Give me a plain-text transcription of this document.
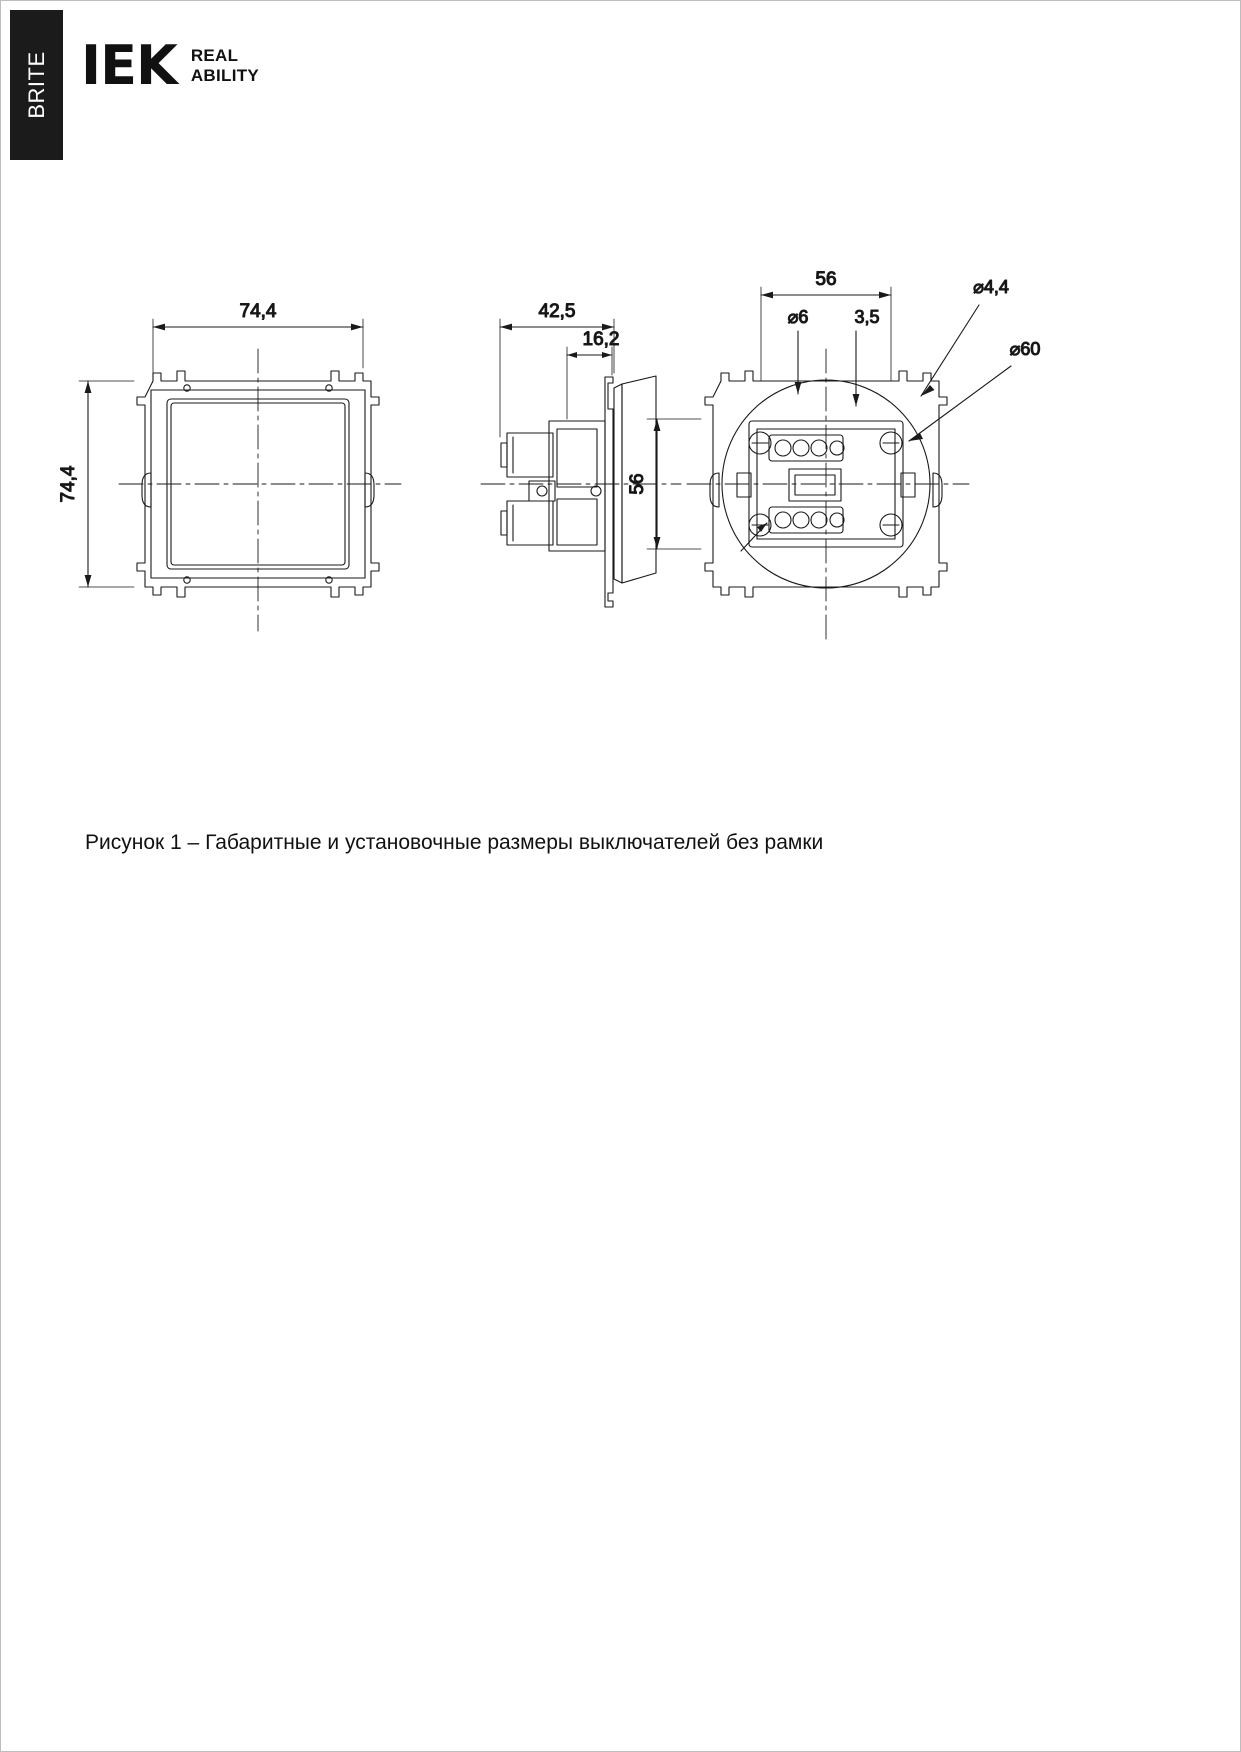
BRITE IEK REAL
ABILITY
74,4
74,4
42,5
16,2
56
56
⌀6	3,5
⌀4,4
⌀60
Рисунок 1 – Габаритные и установочные размеры выключателей без рамки
